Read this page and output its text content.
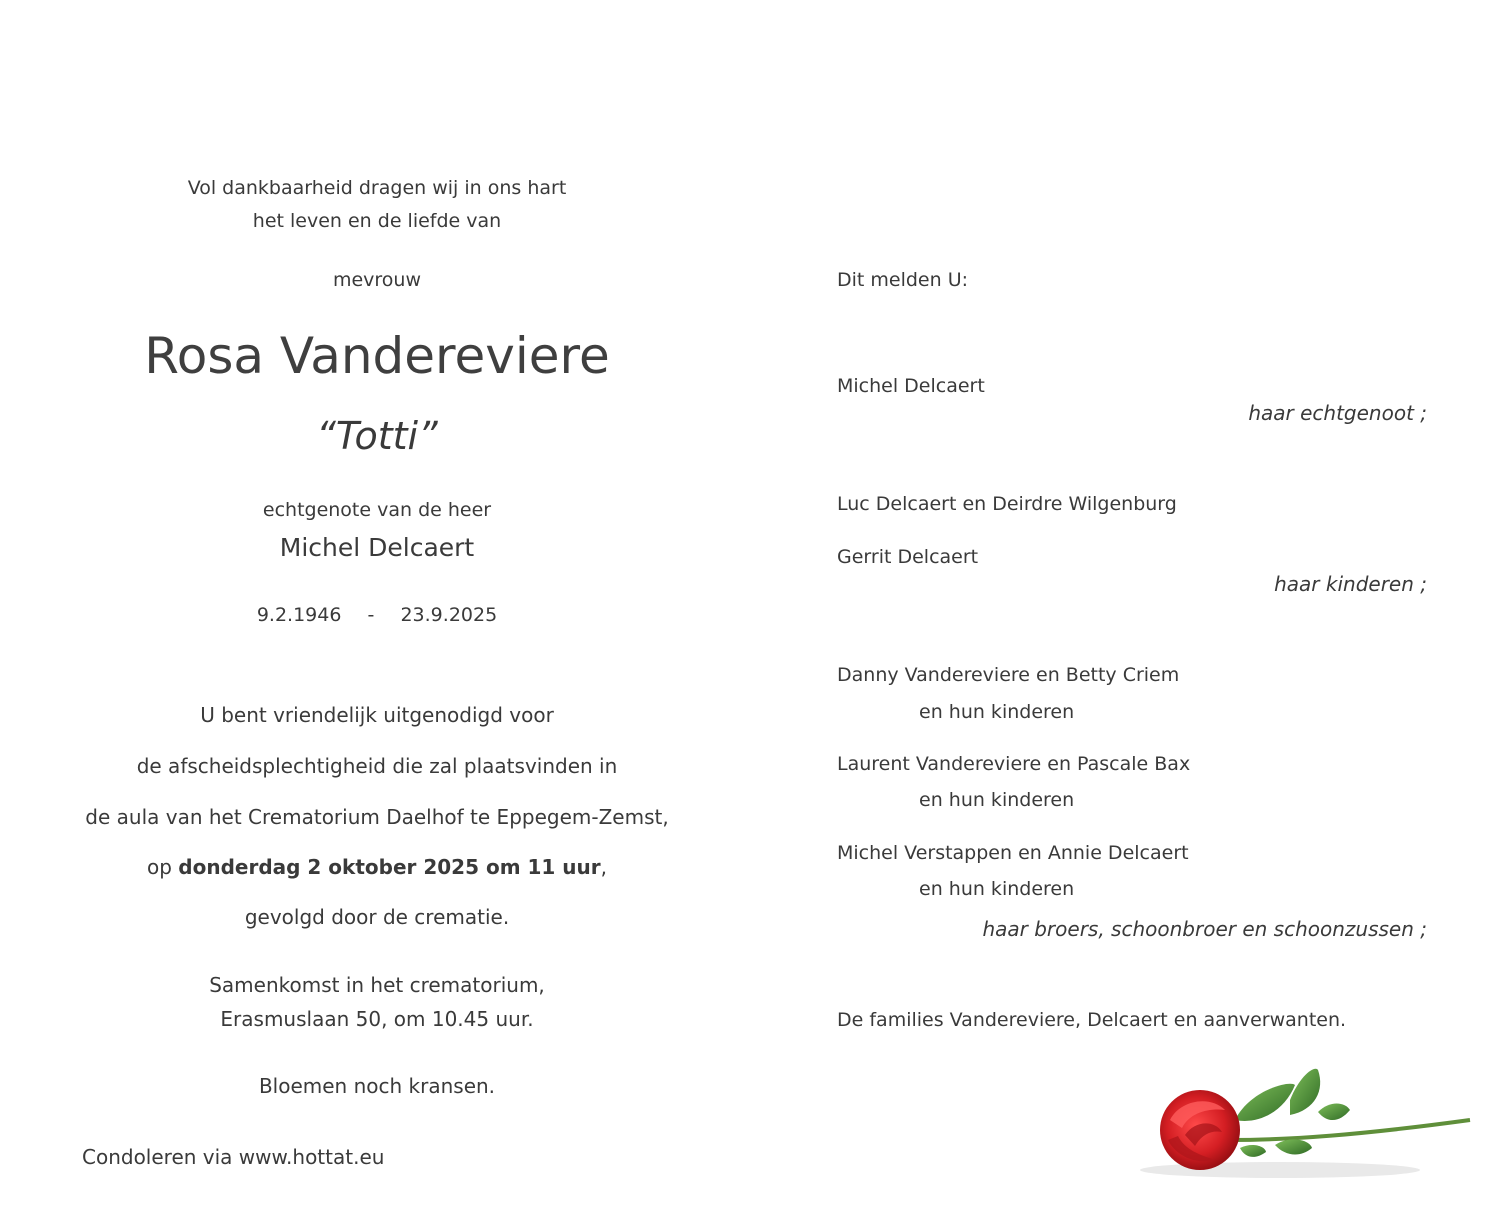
Vol dankbaarheid dragen wij in ons hart
het leven en de liefde van
mevrouw
Rosa Vandereviere
“Totti”
echtgenote van de heer
Michel Delcaert
9.2.1946 - 23.9.2025
U bent vriendelijk uitgenodigd voor
de afscheidsplechtigheid die zal plaatsvinden in
de aula van het Crematorium Daelhof te Eppegem-Zemst,
op donderdag 2 oktober 2025 om 11 uur,
gevolgd door de crematie.
Samenkomst in het crematorium,
Erasmuslaan 50, om 10.45 uur.
Bloemen noch kransen.
Condoleren via www.hottat.eu
Dit melden U:
Michel Delcaert
haar echtgenoot ;
Luc Delcaert en Deirdre Wilgenburg
Gerrit Delcaert
haar kinderen ;
Danny Vandereviere en Betty Criem
en hun kinderen
Laurent Vandereviere en Pascale Bax
en hun kinderen
Michel Verstappen en Annie Delcaert
en hun kinderen
haar broers, schoonbroer en schoonzussen ;
De families Vandereviere, Delcaert en aanverwanten.
